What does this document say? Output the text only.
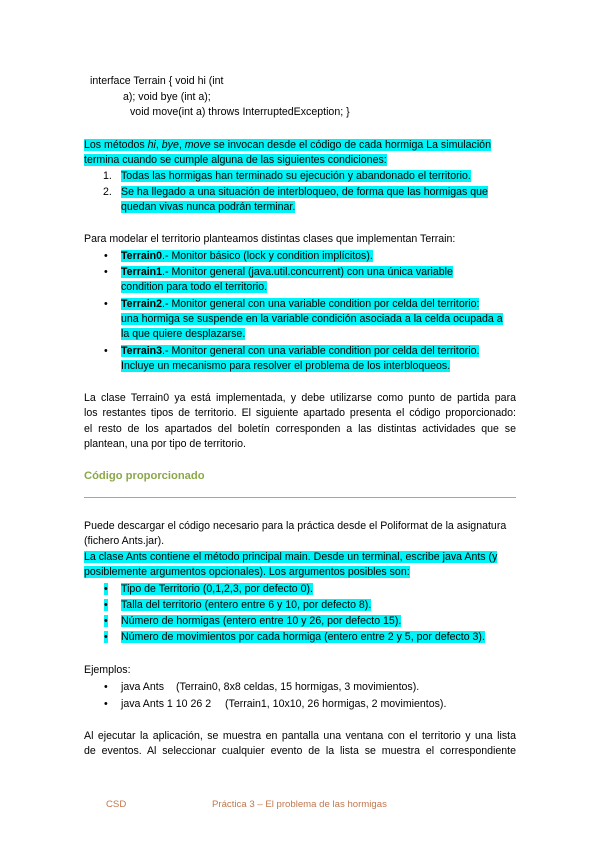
interface Terrain { void hi (int
a); void bye (int a);
void move(int a) throws InterruptedException; }
Los métodos hi, bye, move se invocan desde el código de cada hormiga La simulación
termina cuando se cumple alguna de las siguientes condiciones:
1. Todas las hormigas han terminado su ejecución y abandonado el territorio.
2. Se ha llegado a una situación de interbloqueo, de forma que las hormigas que
quedan vivas nunca podrán terminar.
Para modelar el territorio planteamos distintas clases que implementan Terrain:
• Terrain0.- Monitor básico (lock y condition implícitos).
• Terrain1.- Monitor general (java.util.concurrent) con una única variable
condition para todo el territorio.
• Terrain2.- Monitor general con una variable condition por celda del territorio:
una hormiga se suspende en la variable condición asociada a la celda ocupada a
la que quiere desplazarse.
• Terrain3.- Monitor general con una variable condition por celda del territorio.
Incluye un mecanismo para resolver el problema de los interbloqueos.
La clase Terrain0 ya está implementada, y debe utilizarse como punto de partida para
los restantes tipos de territorio. El siguiente apartado presenta el código proporcionado:
el resto de los apartados del boletín corresponden a las distintas actividades que se
plantean, una por tipo de territorio.
Código proporcionado
Puede descargar el código necesario para la práctica desde el Poliformat de la asignatura
(fichero Ants.jar).
La clase Ants contiene el método principal main. Desde un terminal, escribe java Ants (y
posiblemente argumentos opcionales). Los argumentos posibles son:
• Tipo de Territorio (0,1,2,3, por defecto 0).
• Talla del territorio (entero entre 6 y 10, por defecto 8).
• Número de hormigas (entero entre 10 y 26, por defecto 15).
• Número de movimientos por cada hormiga (entero entre 2 y 5, por defecto 3).
Ejemplos:
• java Ants (Terrain0, 8x8 celdas, 15 hormigas, 3 movimientos).
• java Ants 1 10 26 2 (Terrain1, 10x10, 26 hormigas, 2 movimientos).
Al ejecutar la aplicación, se muestra en pantalla una ventana con el territorio y una lista
de eventos. Al seleccionar cualquier evento de la lista se muestra el correspondiente
CSD	Práctica 3 – El problema de las hormigas
